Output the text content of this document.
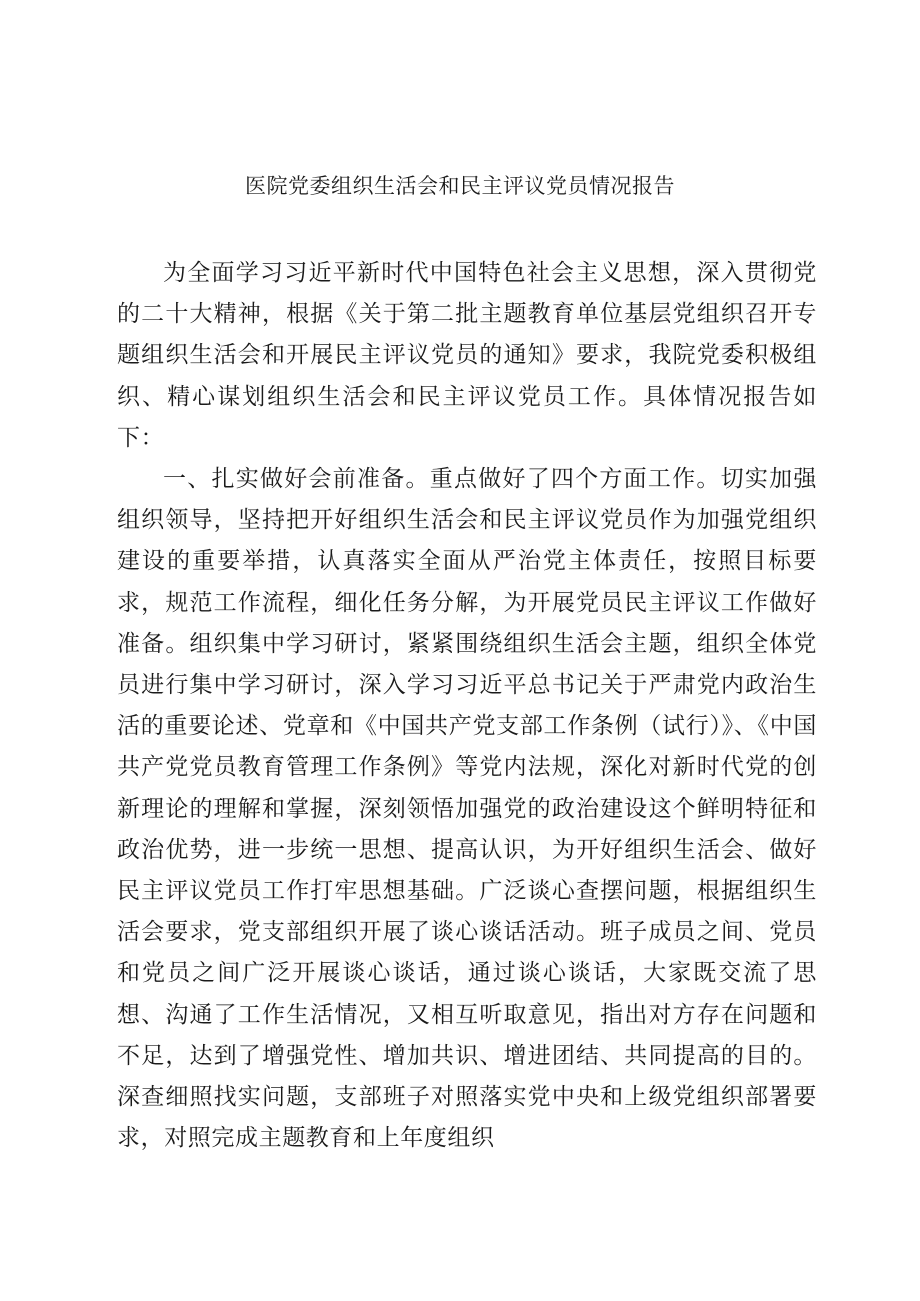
医院党委组织生活会和民主评议党员情况报告

为全面学习习近平新时代中国特色社会主义思想，深入贯彻党的二十大精神，根据《关于第二批主题教育单位基层党组织召开专题组织生活会和开展民主评议党员的通知》要求，我院党委积极组织、精心谋划组织生活会和民主评议党员工作。具体情况报告如下：

一、扎实做好会前准备。重点做好了四个方面工作。切实加强组织领导，坚持把开好组织生活会和民主评议党员作为加强党组织建设的重要举措，认真落实全面从严治党主体责任，按照目标要求，规范工作流程，细化任务分解，为开展党员民主评议工作做好准备。组织集中学习研讨，紧紧围绕组织生活会主题，组织全体党员进行集中学习研讨，深入学习习近平总书记关于严肃党内政治生活的重要论述、党章和《中国共产党支部工作条例（试行）》、《中国共产党党员教育管理工作条例》等党内法规，深化对新时代党的创新理论的理解和掌握，深刻领悟加强党的政治建设这个鲜明特征和政治优势，进一步统一思想、提高认识，为开好组织生活会、做好民主评议党员工作打牢思想基础。广泛谈心查摆问题，根据组织生活会要求，党支部组织开展了谈心谈话活动。班子成员之间、党员和党员之间广泛开展谈心谈话，通过谈心谈话，大家既交流了思想、沟通了工作生活情况，又相互听取意见，指出对方存在问题和不足，达到了增强党性、增加共识、增进团结、共同提高的目的。深查细照找实问题，支部班子对照落实党中央和上级党组织部署要求，对照完成主题教育和上年度组织
